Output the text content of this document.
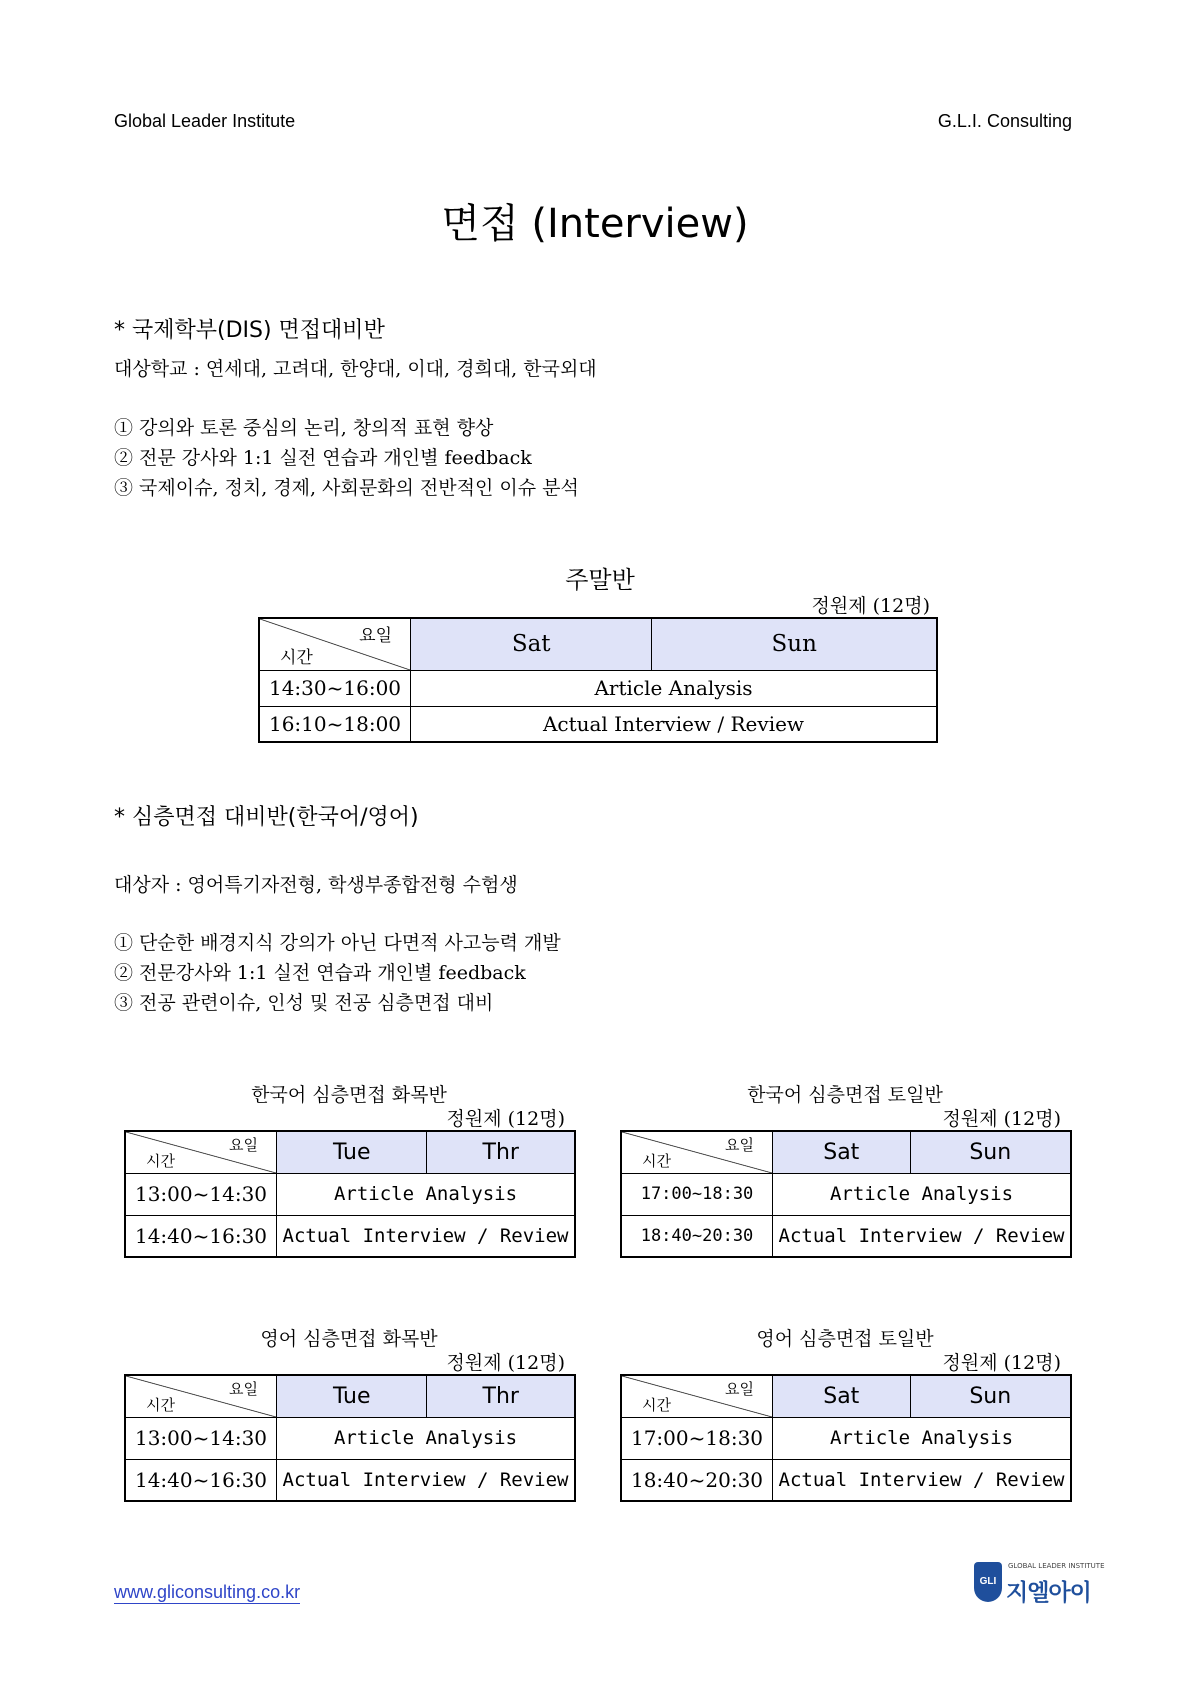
Global Leader Institute	G.L.I. Consulting
면접 (Interview)
* 국제학부(DIS) 면접대비반
대상학교 : 연세대, 고려대, 한양대, 이대, 경희대, 한국외대
① 강의와 토론 중심의 논리, 창의적 표현 향상
② 전문 강사와 1:1 실전 연습과 개인별 feedback
③ 국제이슈, 정치, 경제, 사회문화의 전반적인 이슈 분석
주말반
정원제 (12명)
요일
시간	Sat	Sun
14:30~16:00	Article Analysis	
16:10~18:00	Actual Interview / Review	
* 심층면접 대비반(한국어/영어)
대상자 : 영어특기자전형, 학생부종합전형 수험생
① 단순한 배경지식 강의가 아닌 다면적 사고능력 개발
② 전문강사와 1:1 실전 연습과 개인별 feedback
③ 전공 관련이슈, 인성 및 전공 심층면접 대비
한국어 심층면접 화목반
정원제 (12명)
요일
시간	Tue	Thr
13:00~14:30	Article Analysis	
14:40~16:30	Actual Interview / Review	
한국어 심층면접 토일반
정원제 (12명)
요일
시간	Sat	Sun
17:00~18:30	Article Analysis	
18:40~20:30	Actual Interview / Review	
영어 심층면접 화목반
정원제 (12명)
요일
시간	Tue	Thr
13:00~14:30	Article Analysis	
14:40~16:30	Actual Interview / Review	
영어 심층면접 토일반
정원제 (12명)
요일
시간	Sat	Sun
17:00~18:30	Article Analysis	
18:40~20:30	Actual Interview / Review	
www.gliconsulting.co.kr
GLI
GLOBAL LEADER INSTITUTE
지엘아이
